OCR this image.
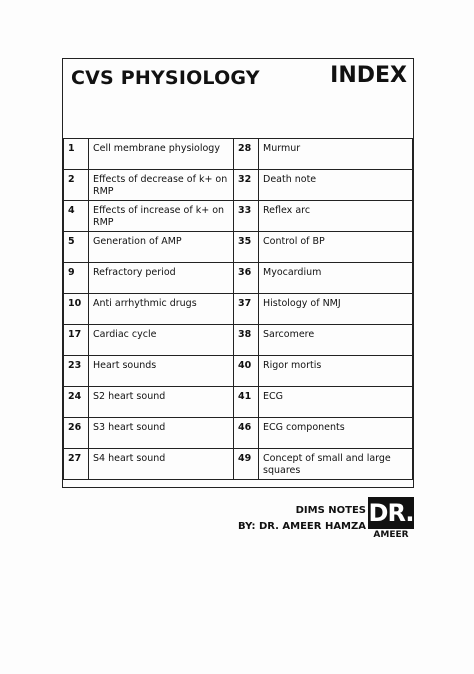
CVS PHYSIOLOGY	INDEX
1	Cell membrane physiology	28	Murmur
2	Effects of decrease of k+ on RMP	32	Death note
4	Effects of increase of k+ on RMP	33	Reflex arc
5	Generation of AMP	35	Control of BP
9	Refractory period	36	Myocardium
10	Anti arrhythmic drugs	37	Histology of NMJ
17	Cardiac cycle	38	Sarcomere
23	Heart sounds	40	Rigor mortis
24	S2 heart sound	41	ECG
26	S3 heart sound	46	ECG components
27	S4 heart sound	49	Concept of small and large squares
DIMS NOTES
BY: DR. AMEER HAMZA DR.
AMEER
